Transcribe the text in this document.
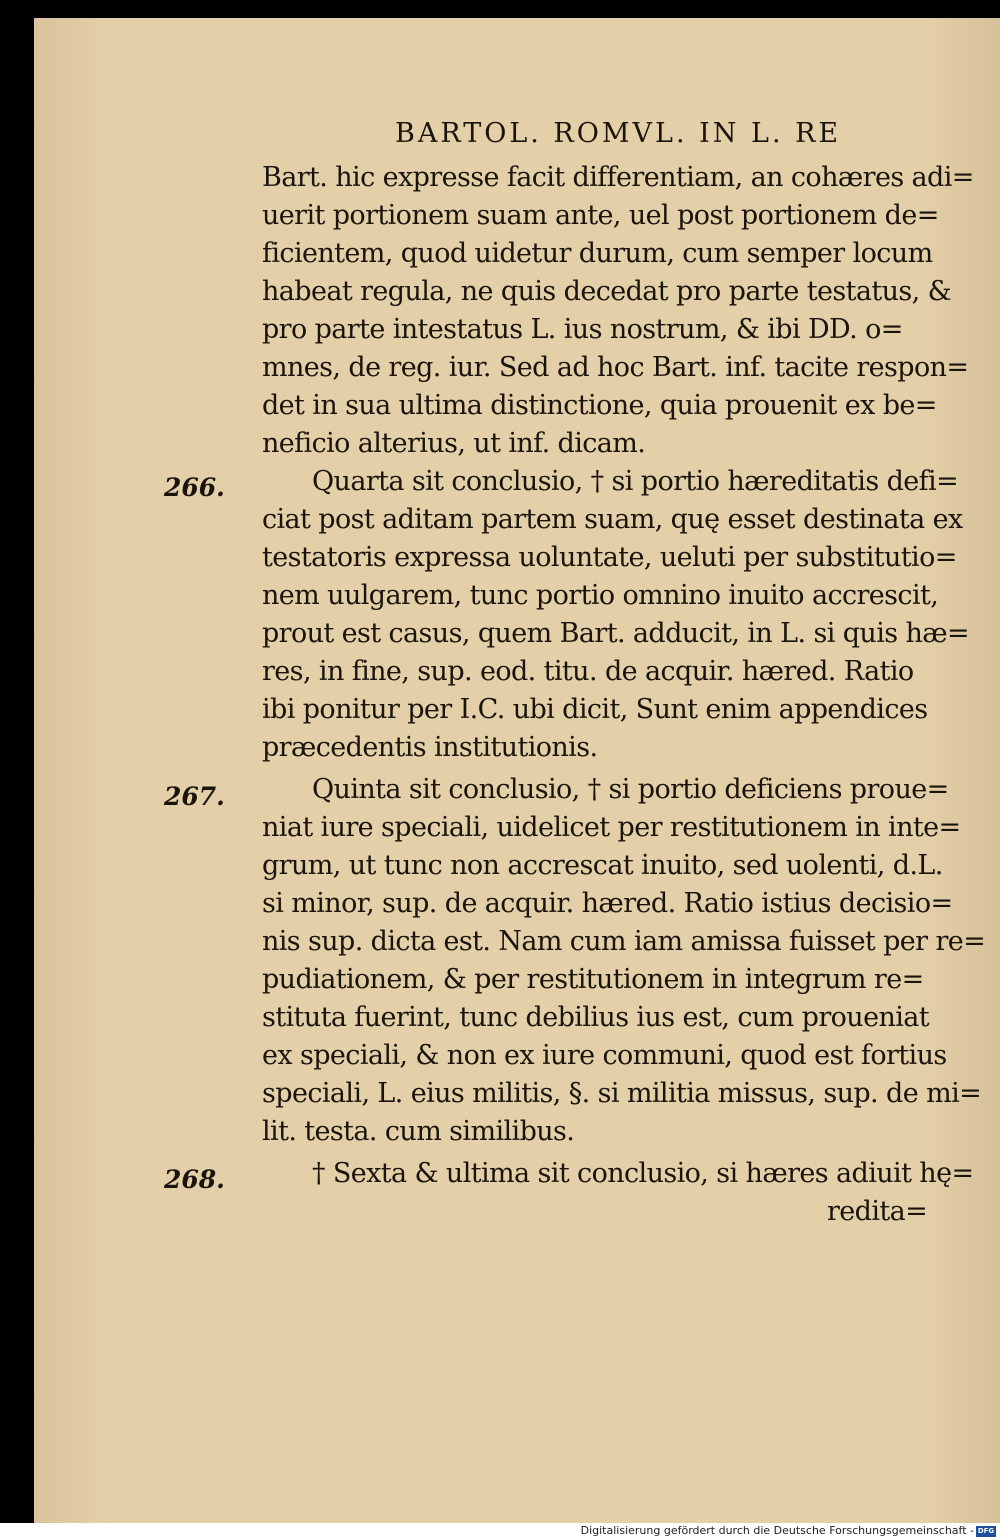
BARTOL. ROMVL. IN L. RE
266.
267.
268.
Bart. hic expresse facit differentiam, an cohæres adi=
uerit portionem suam ante, uel post portionem de=
ficientem, quod uidetur durum, cum semper locum
habeat regula, ne quis decedat pro parte testatus, &
pro parte intestatus L. ius nostrum, & ibi DD. o=
mnes, de reg. iur. Sed ad hoc Bart. inf. tacite respon=
det in sua ultima distinctione, quia prouenit ex be=
neficio alterius, ut inf. dicam.
Quarta sit conclusio, † si portio hæreditatis defi=
ciat post aditam partem suam, quę esset destinata ex
testatoris expressa uoluntate, ueluti per substitutio=
nem uulgarem, tunc portio omnino inuito accrescit,
prout est casus, quem Bart. adducit, in L. si quis hæ=
res, in fine, sup. eod. titu. de acquir. hæred. Ratio
ibi ponitur per I.C. ubi dicit, Sunt enim appendices
præcedentis institutionis.
Quinta sit conclusio, † si portio deficiens proue=
niat iure speciali, uidelicet per restitutionem in inte=
grum, ut tunc non accrescat inuito, sed uolenti, d.L.
si minor, sup. de acquir. hæred. Ratio istius decisio=
nis sup. dicta est. Nam cum iam amissa fuisset per re=
pudiationem, & per restitutionem in integrum re=
stituta fuerint, tunc debilius ius est, cum proueniat
ex speciali, & non ex iure communi, quod est fortius
speciali, L. eius militis, §. si militia missus, sup. de mi=
lit. testa. cum similibus.
† Sexta & ultima sit conclusio, si hæres adiuit hę=
redita=
Digitalisierung gefördert durch die Deutsche Forschungsgemeinschaft - DFG
